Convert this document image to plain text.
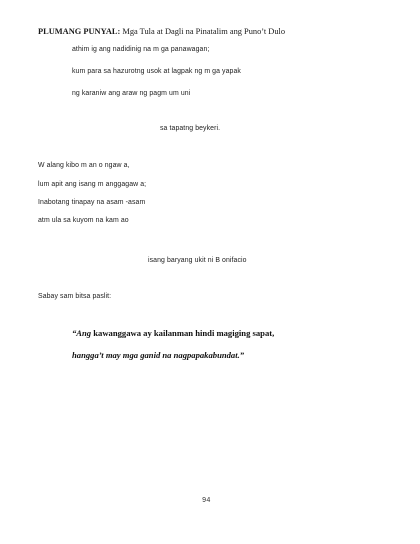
PLUMANG PUNYAL: Mga Tula at Dagli na Pinatalim ang Puno’t Dulo
athim ig ang nadidinig na m ga panawagan;
kum para sa hazurotng usok at lagpak ng m ga yapak
ng karaniw ang araw ng pagm um uni
sa tapatng beykeri.
W alang kibo m an o ngaw a,
lum apit ang isang m anggagaw a;
Inabotang tinapay na asam -asam
atm ula sa kuyom na kam ao
isang baryang ukit ni B onifacio
Sabay sam bitsa paslit:
“Ang kawanggawa ay kailanman hindi magiging sapat,
hangga’t may mga ganid na nagpapakabundat.”
94
